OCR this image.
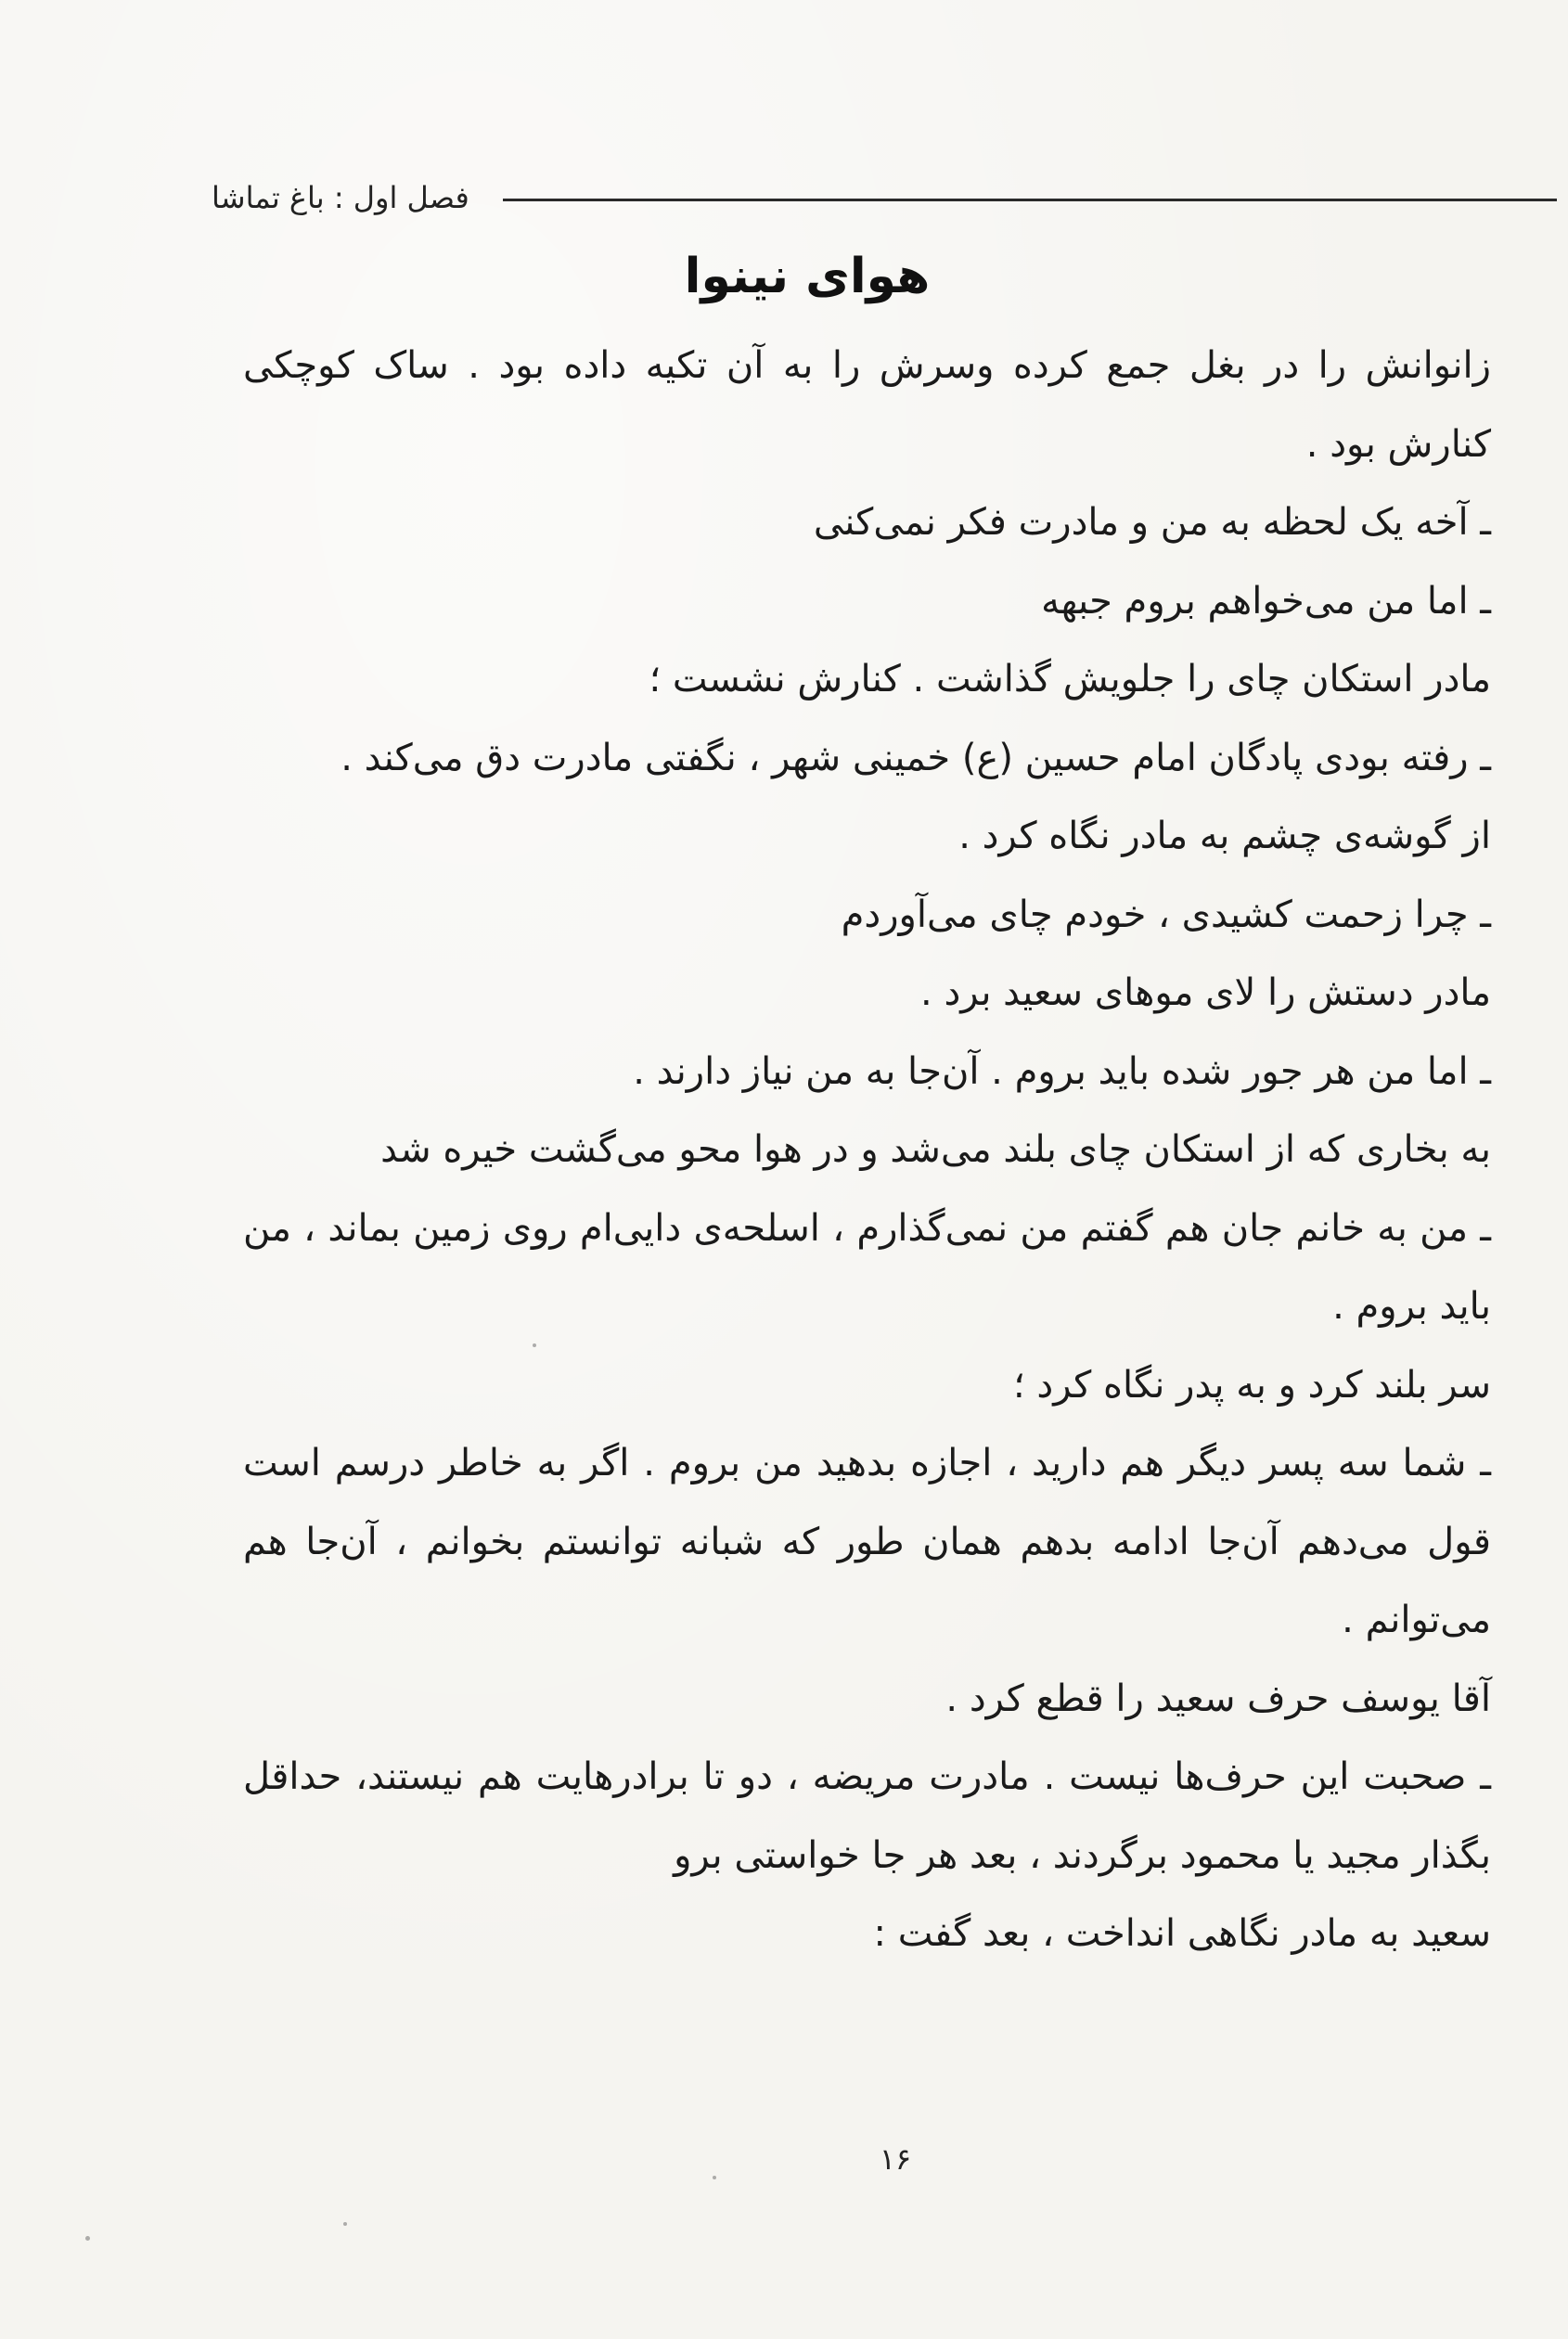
فصل اول : باغ تماشا
هوای نینوا

زانوانش را در بغل جمع کرده وسرش را به آن تکیه داده بود . ساک کوچکی کنارش بود .

ـ آخه یک لحظه به من و مادرت فکر نمی‌کنی

ـ اما من می‌خواهم بروم جبهه

مادر استکان چای را جلویش گذاشت . کنارش نشست ؛

ـ رفته بودی پادگان امام حسین (ع) خمینی شهر ، نگفتی مادرت دق می‌کند .

از گوشه‌ی چشم به مادر نگاه کرد .

ـ چرا زحمت کشیدی ، خودم چای می‌آوردم

مادر دستش را لای موهای سعید برد .

ـ اما من هر جور شده باید بروم . آن‌جا به من نیاز دارند .

به بخاری که از استکان چای بلند می‌شد و در هوا محو می‌گشت خیره شد

ـ من به خانم جان هم گفتم من نمی‌گذارم ، اسلحه‌ی دایی‌ام روی زمین بماند ، من باید بروم .

سر بلند کرد و به پدر نگاه کرد ؛

ـ شما سه پسر دیگر هم دارید ، اجازه بدهید من بروم . اگر به خاطر درسم است قول می‌دهم آن‌جا ادامه بدهم همان طور که شبانه توانستم بخوانم ، آن‌جا هم می‌توانم .

آقا یوسف حرف سعید را قطع کرد .

ـ صحبت این حرف‌ها نیست . مادرت مریضه ، دو تا برادرهایت هم نیستند، حداقل بگذار مجید یا محمود برگردند ، بعد هر جا خواستی برو

سعید به مادر نگاهی انداخت ، بعد گفت :

۱۶
